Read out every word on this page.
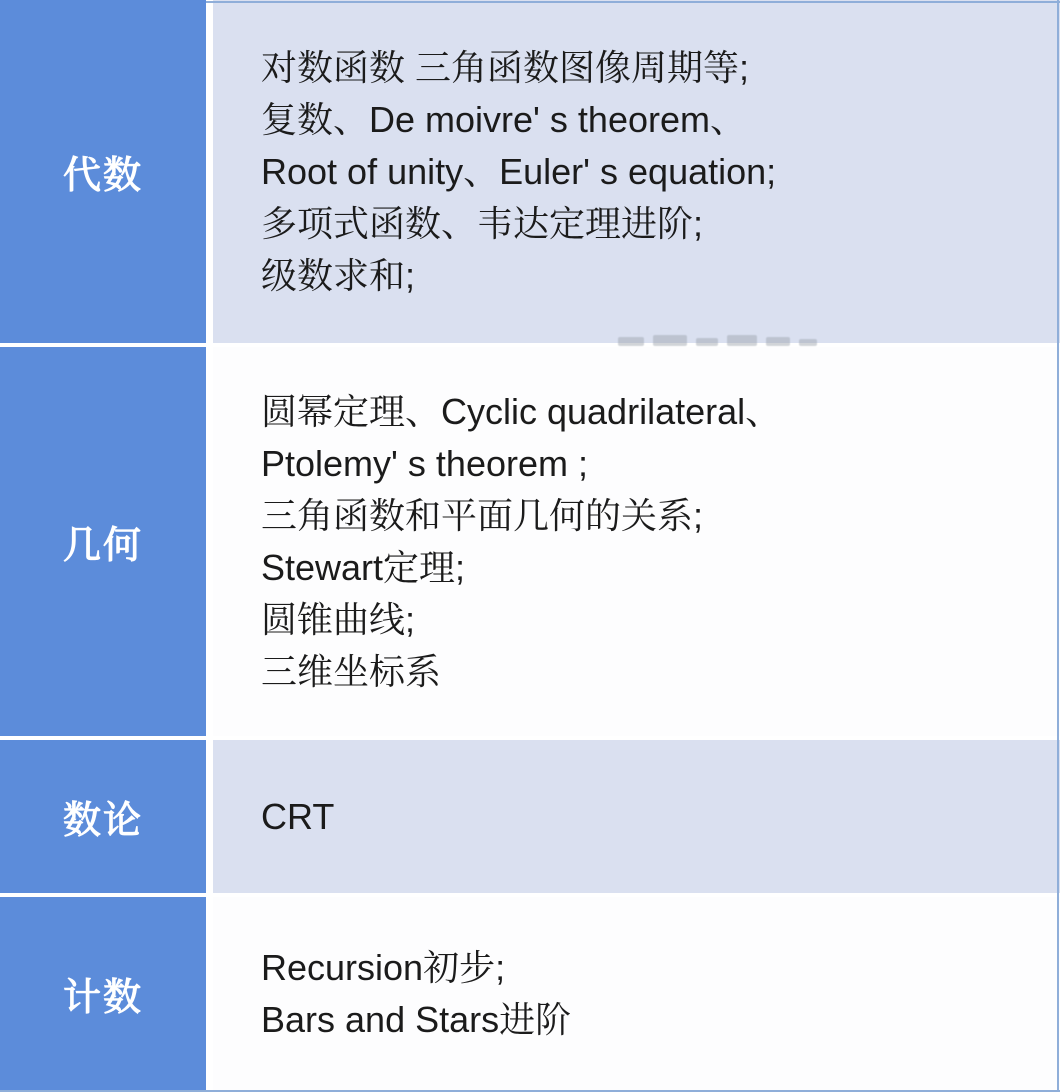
代数
对数函数 三角函数图像周期等;
复数、De moivre' s theorem、
Root of unity、Euler' s equation;
多项式函数、韦达定理进阶;
级数求和;
几何
圆幂定理、Cyclic quadrilateral、
Ptolemy' s theorem ;
三角函数和平面几何的关系;
Stewart定理;
圆锥曲线;
三维坐标系
数论	CRT
计数
Recursion初步;
Bars and Stars进阶
